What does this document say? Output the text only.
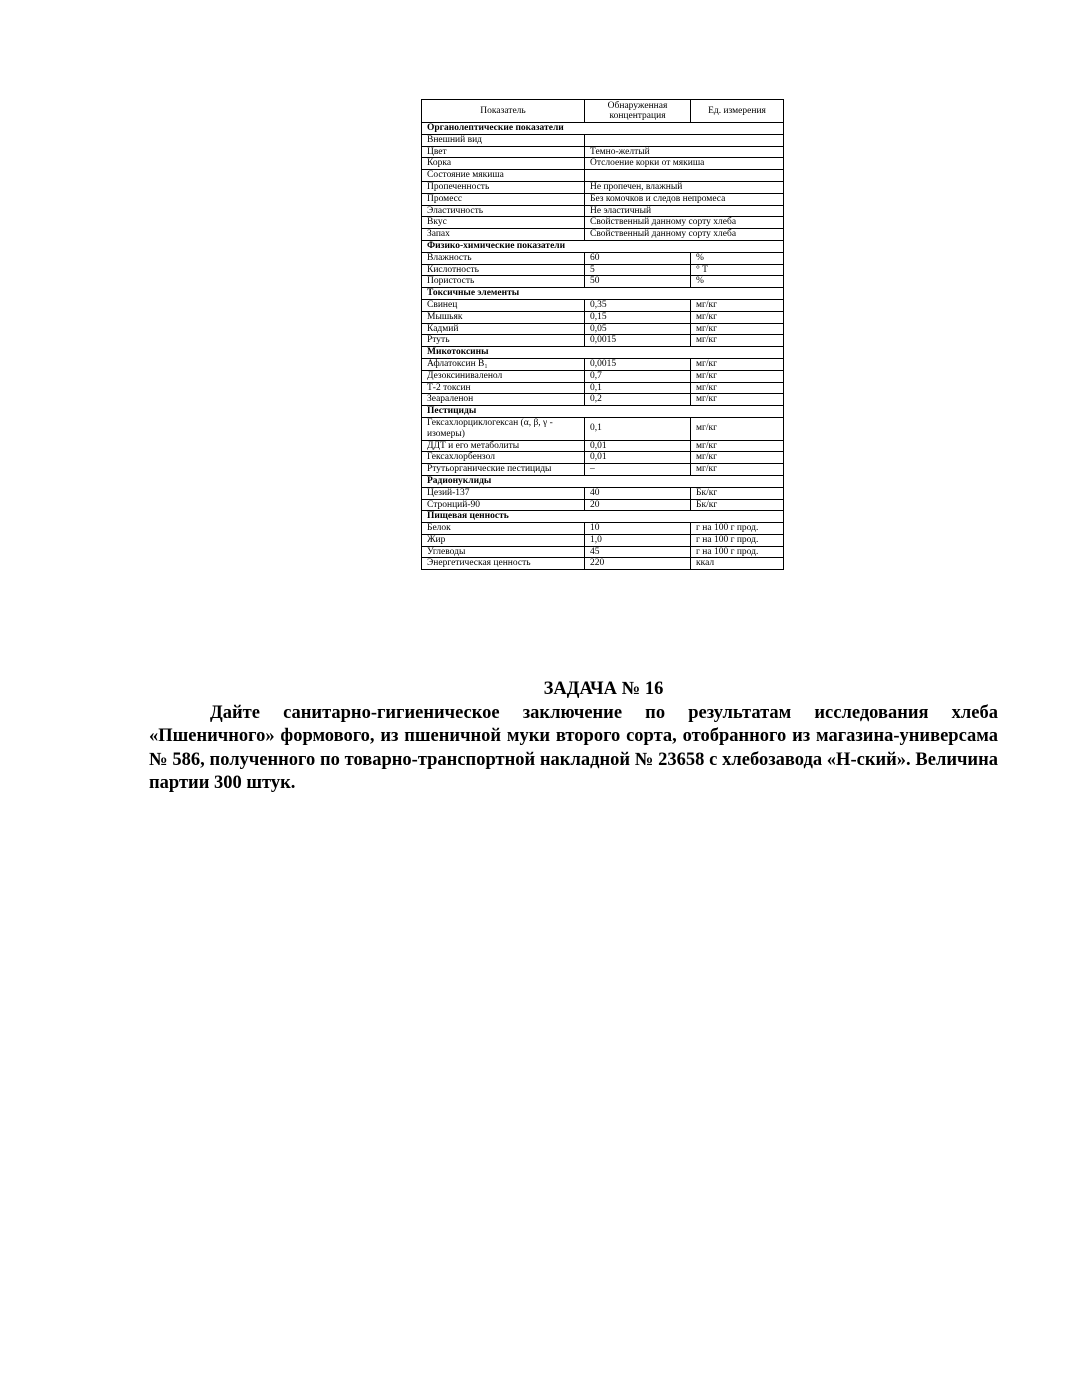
Показатель	Обнаруженная концентрация	Ед. измерения
Органолептические показатели		
Внешний вид		
Цвет	Темно-желтый	
Корка	Отслоение корки от мякиша	
Состояние мякиша		
Пропеченность	Не пропечен, влажный	
Промесс	Без комочков и следов непромеса	
Эластичность	Не эластичный	
Вкус	Свойственный данному сорту хлеба	
Запах	Свойственный данному сорту хлеба	
Физико-химические показатели		
Влажность	60	%
Кислотность	5	° Т
Пористость	50	%
Токсичные элементы		
Свинец	0,35	мг/кг
Мышьяк	0,15	мг/кг
Кадмий	0,05	мг/кг
Ртуть	0,0015	мг/кг
Микотоксины		
Афлатоксин B₁	0,0015	мг/кг
Дезоксиниваленол	0,7	мг/кг
Т-2 токсин	0,1	мг/кг
Зеараленон	0,2	мг/кг
Пестициды		
Гексахлорциклогексан (α, β, γ - изомеры)	0,1	мг/кг
ДДТ и его метаболиты	0,01	мг/кг
Гексахлорбензол	0,01	мг/кг
Ртутьорганические пестициды	–	мг/кг
Радионуклиды		
Цезий-137	40	Бк/кг
Стронций-90	20	Бк/кг
Пищевая ценность		
Белок	10	г на 100 г прод.
Жир	1,0	г на 100 г прод.
Углеводы	45	г на 100 г прод.
Энергетическая ценность	220	ккал
ЗАДАЧА № 16

Дайте санитарно-гигиеническое заключение по результатам исследования хлеба «Пшеничного» формового, из пшеничной муки второго сорта, отобранного из магазина-универсама № 586, полученного по товарно-транспортной накладной № 23658 с хлебозавода «Н-ский». Величина партии 300 штук.
